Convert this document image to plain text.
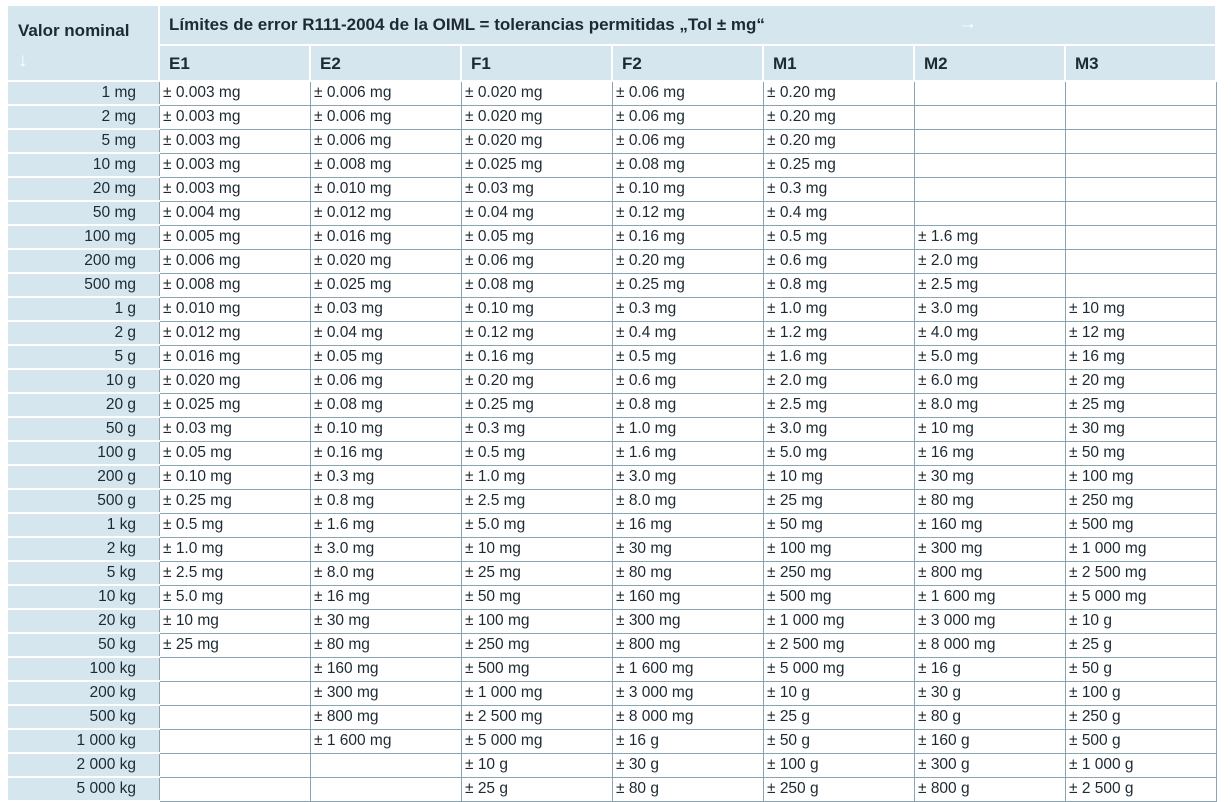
Valor nominal
↓
Límites de error R111-2004 de la OIML = tolerancias permitidas „Tol ± mg“	→
E1	E2	F1	F2	M1	M2	M3
1 mg	± 0.003 mg	± 0.006 mg	± 0.020 mg	± 0.06 mg	± 0.20 mg		
2 mg	± 0.003 mg	± 0.006 mg	± 0.020 mg	± 0.06 mg	± 0.20 mg		
5 mg	± 0.003 mg	± 0.006 mg	± 0.020 mg	± 0.06 mg	± 0.20 mg		
10 mg	± 0.003 mg	± 0.008 mg	± 0.025 mg	± 0.08 mg	± 0.25 mg		
20 mg	± 0.003 mg	± 0.010 mg	± 0.03 mg	± 0.10 mg	± 0.3 mg		
50 mg	± 0.004 mg	± 0.012 mg	± 0.04 mg	± 0.12 mg	± 0.4 mg		
100 mg	± 0.005 mg	± 0.016 mg	± 0.05 mg	± 0.16 mg	± 0.5 mg	± 1.6 mg	
200 mg	± 0.006 mg	± 0.020 mg	± 0.06 mg	± 0.20 mg	± 0.6 mg	± 2.0 mg	
500 mg	± 0.008 mg	± 0.025 mg	± 0.08 mg	± 0.25 mg	± 0.8 mg	± 2.5 mg	
1 g	± 0.010 mg	± 0.03 mg	± 0.10 mg	± 0.3 mg	± 1.0 mg	± 3.0 mg	± 10 mg
2 g	± 0.012 mg	± 0.04 mg	± 0.12 mg	± 0.4 mg	± 1.2 mg	± 4.0 mg	± 12 mg
5 g	± 0.016 mg	± 0.05 mg	± 0.16 mg	± 0.5 mg	± 1.6 mg	± 5.0 mg	± 16 mg
10 g	± 0.020 mg	± 0.06 mg	± 0.20 mg	± 0.6 mg	± 2.0 mg	± 6.0 mg	± 20 mg
20 g	± 0.025 mg	± 0.08 mg	± 0.25 mg	± 0.8 mg	± 2.5 mg	± 8.0 mg	± 25 mg
50 g	± 0.03 mg	± 0.10 mg	± 0.3 mg	± 1.0 mg	± 3.0 mg	± 10 mg	± 30 mg
100 g	± 0.05 mg	± 0.16 mg	± 0.5 mg	± 1.6 mg	± 5.0 mg	± 16 mg	± 50 mg
200 g	± 0.10 mg	± 0.3 mg	± 1.0 mg	± 3.0 mg	± 10 mg	± 30 mg	± 100 mg
500 g	± 0.25 mg	± 0.8 mg	± 2.5 mg	± 8.0 mg	± 25 mg	± 80 mg	± 250 mg
1 kg	± 0.5 mg	± 1.6 mg	± 5.0 mg	± 16 mg	± 50 mg	± 160 mg	± 500 mg
2 kg	± 1.0 mg	± 3.0 mg	± 10 mg	± 30 mg	± 100 mg	± 300 mg	± 1 000 mg
5 kg	± 2.5 mg	± 8.0 mg	± 25 mg	± 80 mg	± 250 mg	± 800 mg	± 2 500 mg
10 kg	± 5.0 mg	± 16 mg	± 50 mg	± 160 mg	± 500 mg	± 1 600 mg	± 5 000 mg
20 kg	± 10 mg	± 30 mg	± 100 mg	± 300 mg	± 1 000 mg	± 3 000 mg	± 10 g
50 kg	± 25 mg	± 80 mg	± 250 mg	± 800 mg	± 2 500 mg	± 8 000 mg	± 25 g
100 kg		± 160 mg	± 500 mg	± 1 600 mg	± 5 000 mg	± 16 g	± 50 g
200 kg		± 300 mg	± 1 000 mg	± 3 000 mg	± 10 g	± 30 g	± 100 g
500 kg		± 800 mg	± 2 500 mg	± 8 000 mg	± 25 g	± 80 g	± 250 g
1 000 kg		± 1 600 mg	± 5 000 mg	± 16 g	± 50 g	± 160 g	± 500 g
2 000 kg			± 10 g	± 30 g	± 100 g	± 300 g	± 1 000 g
5 000 kg			± 25 g	± 80 g	± 250 g	± 800 g	± 2 500 g
